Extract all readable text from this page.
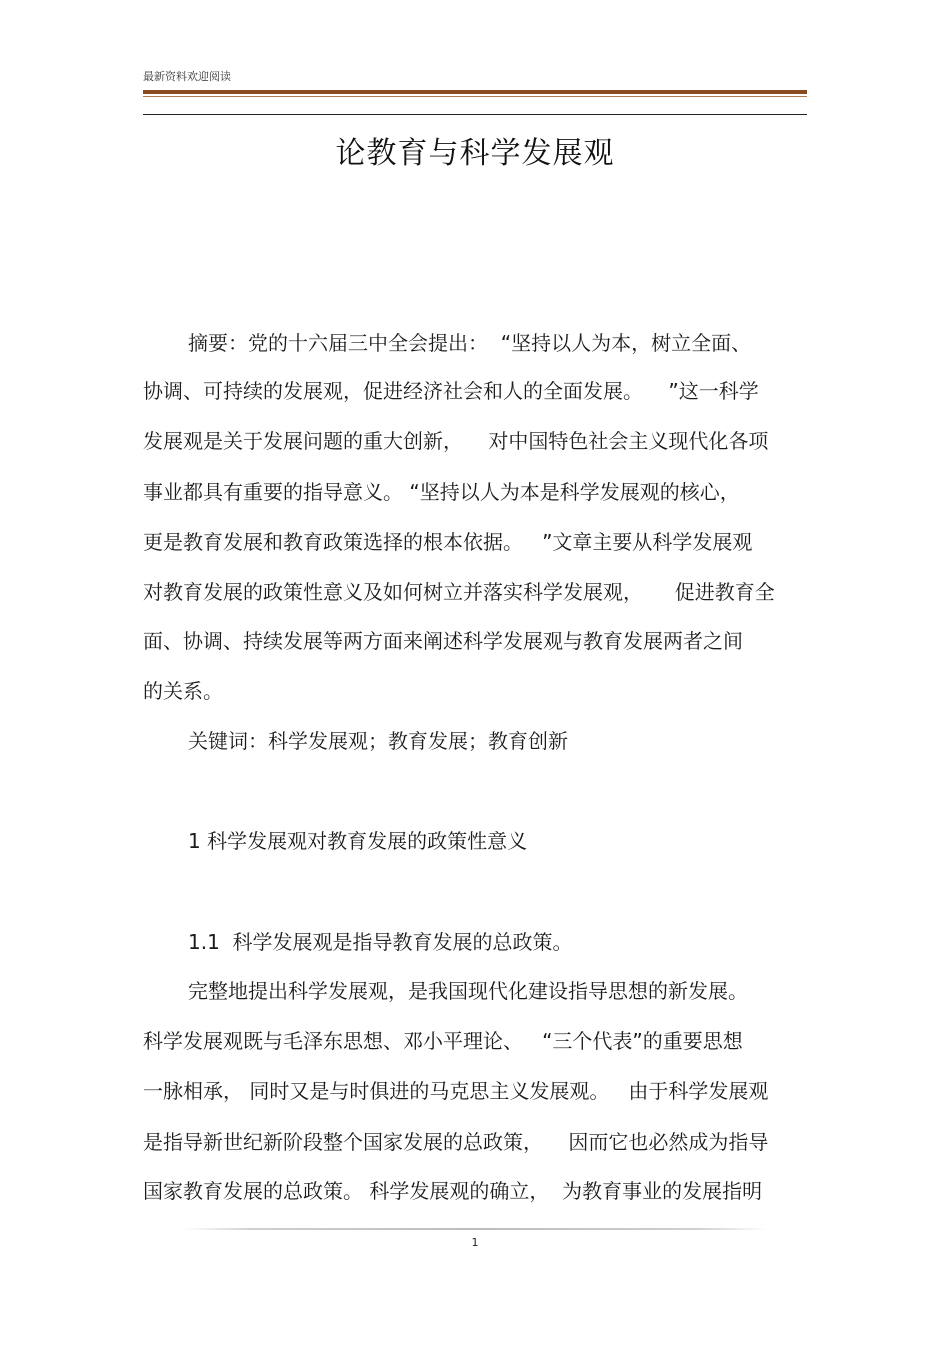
最新资料欢迎阅读
论教育与科学发展观
摘要：党的十六届三中全会提出：  “坚持以人为本，树立全面、
协调、可持续的发展观，促进经济社会和人的全面发展。    ”这一科学
发展观是关于发展问题的重大创新，    对中国特色社会主义现代化各项
事业都具有重要的指导意义。 “坚持以人为本是科学发展观的核心，
更是教育发展和教育政策选择的根本依据。   ”文章主要从科学发展观
对教育发展的政策性意义及如何树立并落实科学发展观，     促进教育全
面、协调、持续发展等两方面来阐述科学发展观与教育发展两者之间
的关系。
关键词：科学发展观；教育发展；教育创新
1 科学发展观对教育发展的政策性意义
1.1  科学发展观是指导教育发展的总政策。
完整地提出科学发展观，是我国现代化建设指导思想的新发展。
科学发展观既与毛泽东思想、邓小平理论、   “三个代表”的重要思想
一脉相承， 同时又是与时俱进的马克思主义发展观。   由于科学发展观
是指导新世纪新阶段整个国家发展的总政策，    因而它也必然成为指导
国家教育发展的总政策。 科学发展观的确立，  为教育事业的发展指明
1
